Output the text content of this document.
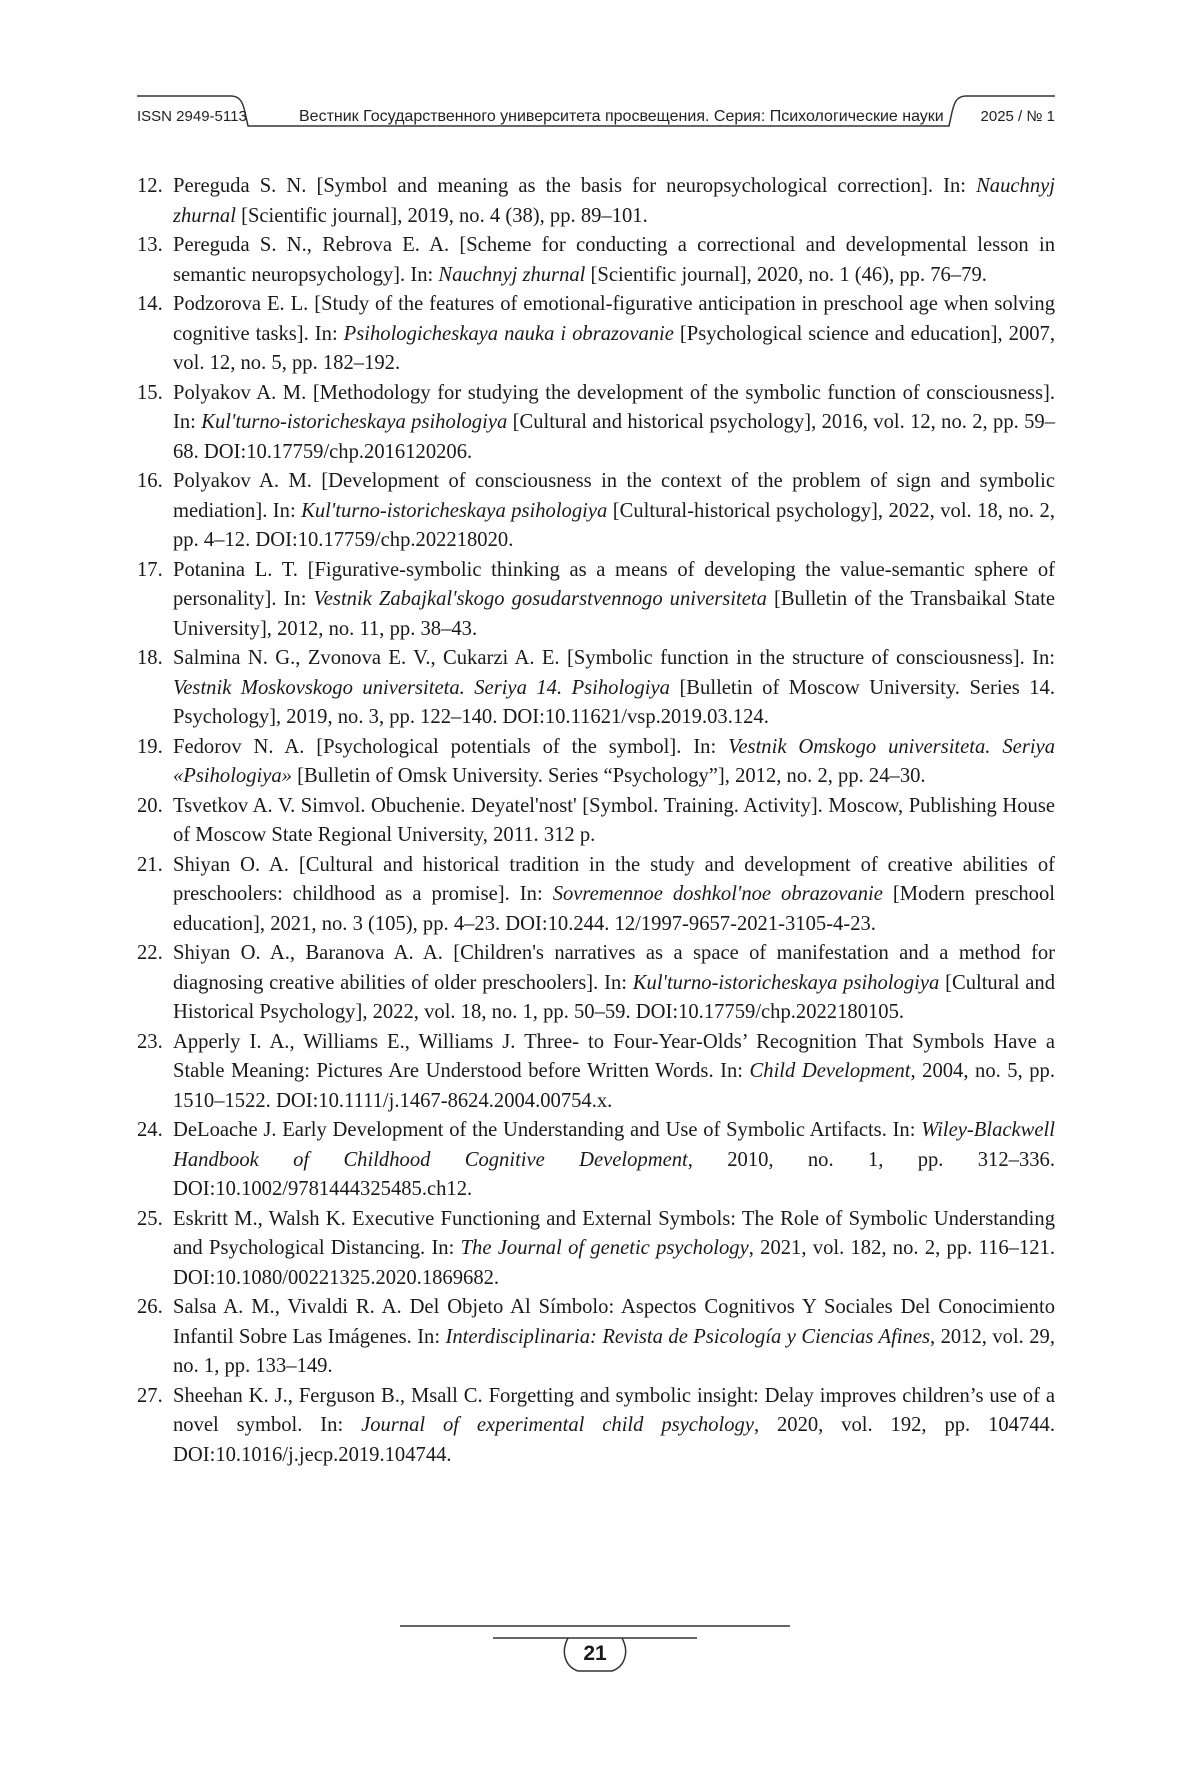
ISSN 2949-5113	Вестник Государственного университета просвещения. Серия: Психологические науки 2025 / № 1
12. Pereguda S. N. [Symbol and meaning as the basis for neuropsychological correction]. In: Nauchnyj zhurnal [Scientific journal], 2019, no. 4 (38), pp. 89–101.
13. Pereguda S. N., Rebrova E. A. [Scheme for conducting a correctional and developmental lesson in semantic neuropsychology]. In: Nauchnyj zhurnal [Scientific journal], 2020, no. 1 (46), pp. 76–79.
14. Podzorova E. L. [Study of the features of emotional-figurative anticipation in preschool age when solving cognitive tasks]. In: Psihologicheskaya nauka i obrazovanie [Psychological science and education], 2007, vol. 12, no. 5, pp. 182–192.
15. Polyakov A. M. [Methodology for studying the development of the symbolic function of consciousness]. In: Kul'turno-istoricheskaya psihologiya [Cultural and historical psychology], 2016, vol. 12, no. 2, pp. 59–68. DOI:10.17759/chp.2016120206.
16. Polyakov A. M. [Development of consciousness in the context of the problem of sign and symbolic mediation]. In: Kul'turno-istoricheskaya psihologiya [Cultural-historical psychology], 2022, vol. 18, no. 2, pp. 4–12. DOI:10.17759/chp.202218020.
17. Potanina L. T. [Figurative-symbolic thinking as a means of developing the value-semantic sphere of personality]. In: Vestnik Zabajkal'skogo gosudarstvennogo universiteta [Bulletin of the Transbaikal State University], 2012, no. 11, pp. 38–43.
18. Salmina N. G., Zvonova E. V., Cukarzi A. E. [Symbolic function in the structure of consciousness]. In: Vestnik Moskovskogo universiteta. Seriya 14. Psihologiya [Bulletin of Moscow University. Series 14. Psychology], 2019, no. 3, pp. 122–140. DOI:10.11621/vsp.2019.03.124.
19. Fedorov N. A. [Psychological potentials of the symbol]. In: Vestnik Omskogo universiteta. Seriya «Psihologiya» [Bulletin of Omsk University. Series “Psychology”], 2012, no. 2, pp. 24–30.
20. Tsvetkov A. V. Simvol. Obuchenie. Deyatel'nost' [Symbol. Training. Activity]. Moscow, Publishing House of Moscow State Regional University, 2011. 312 p.
21. Shiyan O. A. [Cultural and historical tradition in the study and development of creative abilities of preschoolers: childhood as a promise]. In: Sovremennoe doshkol'noe obrazovanie [Modern preschool education], 2021, no. 3 (105), pp. 4–23. DOI:10.244. 12/1997-9657-2021-3105-4-23.
22. Shiyan O. A., Baranova A. A. [Children's narratives as a space of manifestation and a method for diagnosing creative abilities of older preschoolers]. In: Kul'turno-istoricheskaya psihologiya [Cultural and Historical Psychology], 2022, vol. 18, no. 1, pp. 50–59. DOI:10.17759/chp.2022180105.
23. Apperly I. A., Williams E., Williams J. Three- to Four-Year-Olds’ Recognition That Symbols Have a Stable Meaning: Pictures Are Understood before Written Words. In: Child Development, 2004, no. 5, pp. 1510–1522. DOI:10.1111/j.1467-8624.2004.00754.x.
24. DeLoache J. Early Development of the Understanding and Use of Symbolic Artifacts. In: Wiley-Blackwell Handbook of Childhood Cognitive Development, 2010, no. 1, pp. 312–336. DOI:10.1002/9781444325485.ch12.
25. Eskritt M., Walsh K. Executive Functioning and External Symbols: The Role of Symbolic Understanding and Psychological Distancing. In: The Journal of genetic psychology, 2021, vol. 182, no. 2, pp. 116–121. DOI:10.1080/00221325.2020.1869682.
26. Salsa A. M., Vivaldi R. A. Del Objeto Al Símbolo: Aspectos Cognitivos Y Sociales Del Conocimiento Infantil Sobre Las Imágenes. In: Interdisciplinaria: Revista de Psicología y Ciencias Afines, 2012, vol. 29, no. 1, pp. 133–149.
27. Sheehan K. J., Ferguson B., Msall C. Forgetting and symbolic insight: Delay improves children’s use of a novel symbol. In: Journal of experimental child psychology, 2020, vol. 192, pp. 104744. DOI:10.1016/j.jecp.2019.104744.
21
